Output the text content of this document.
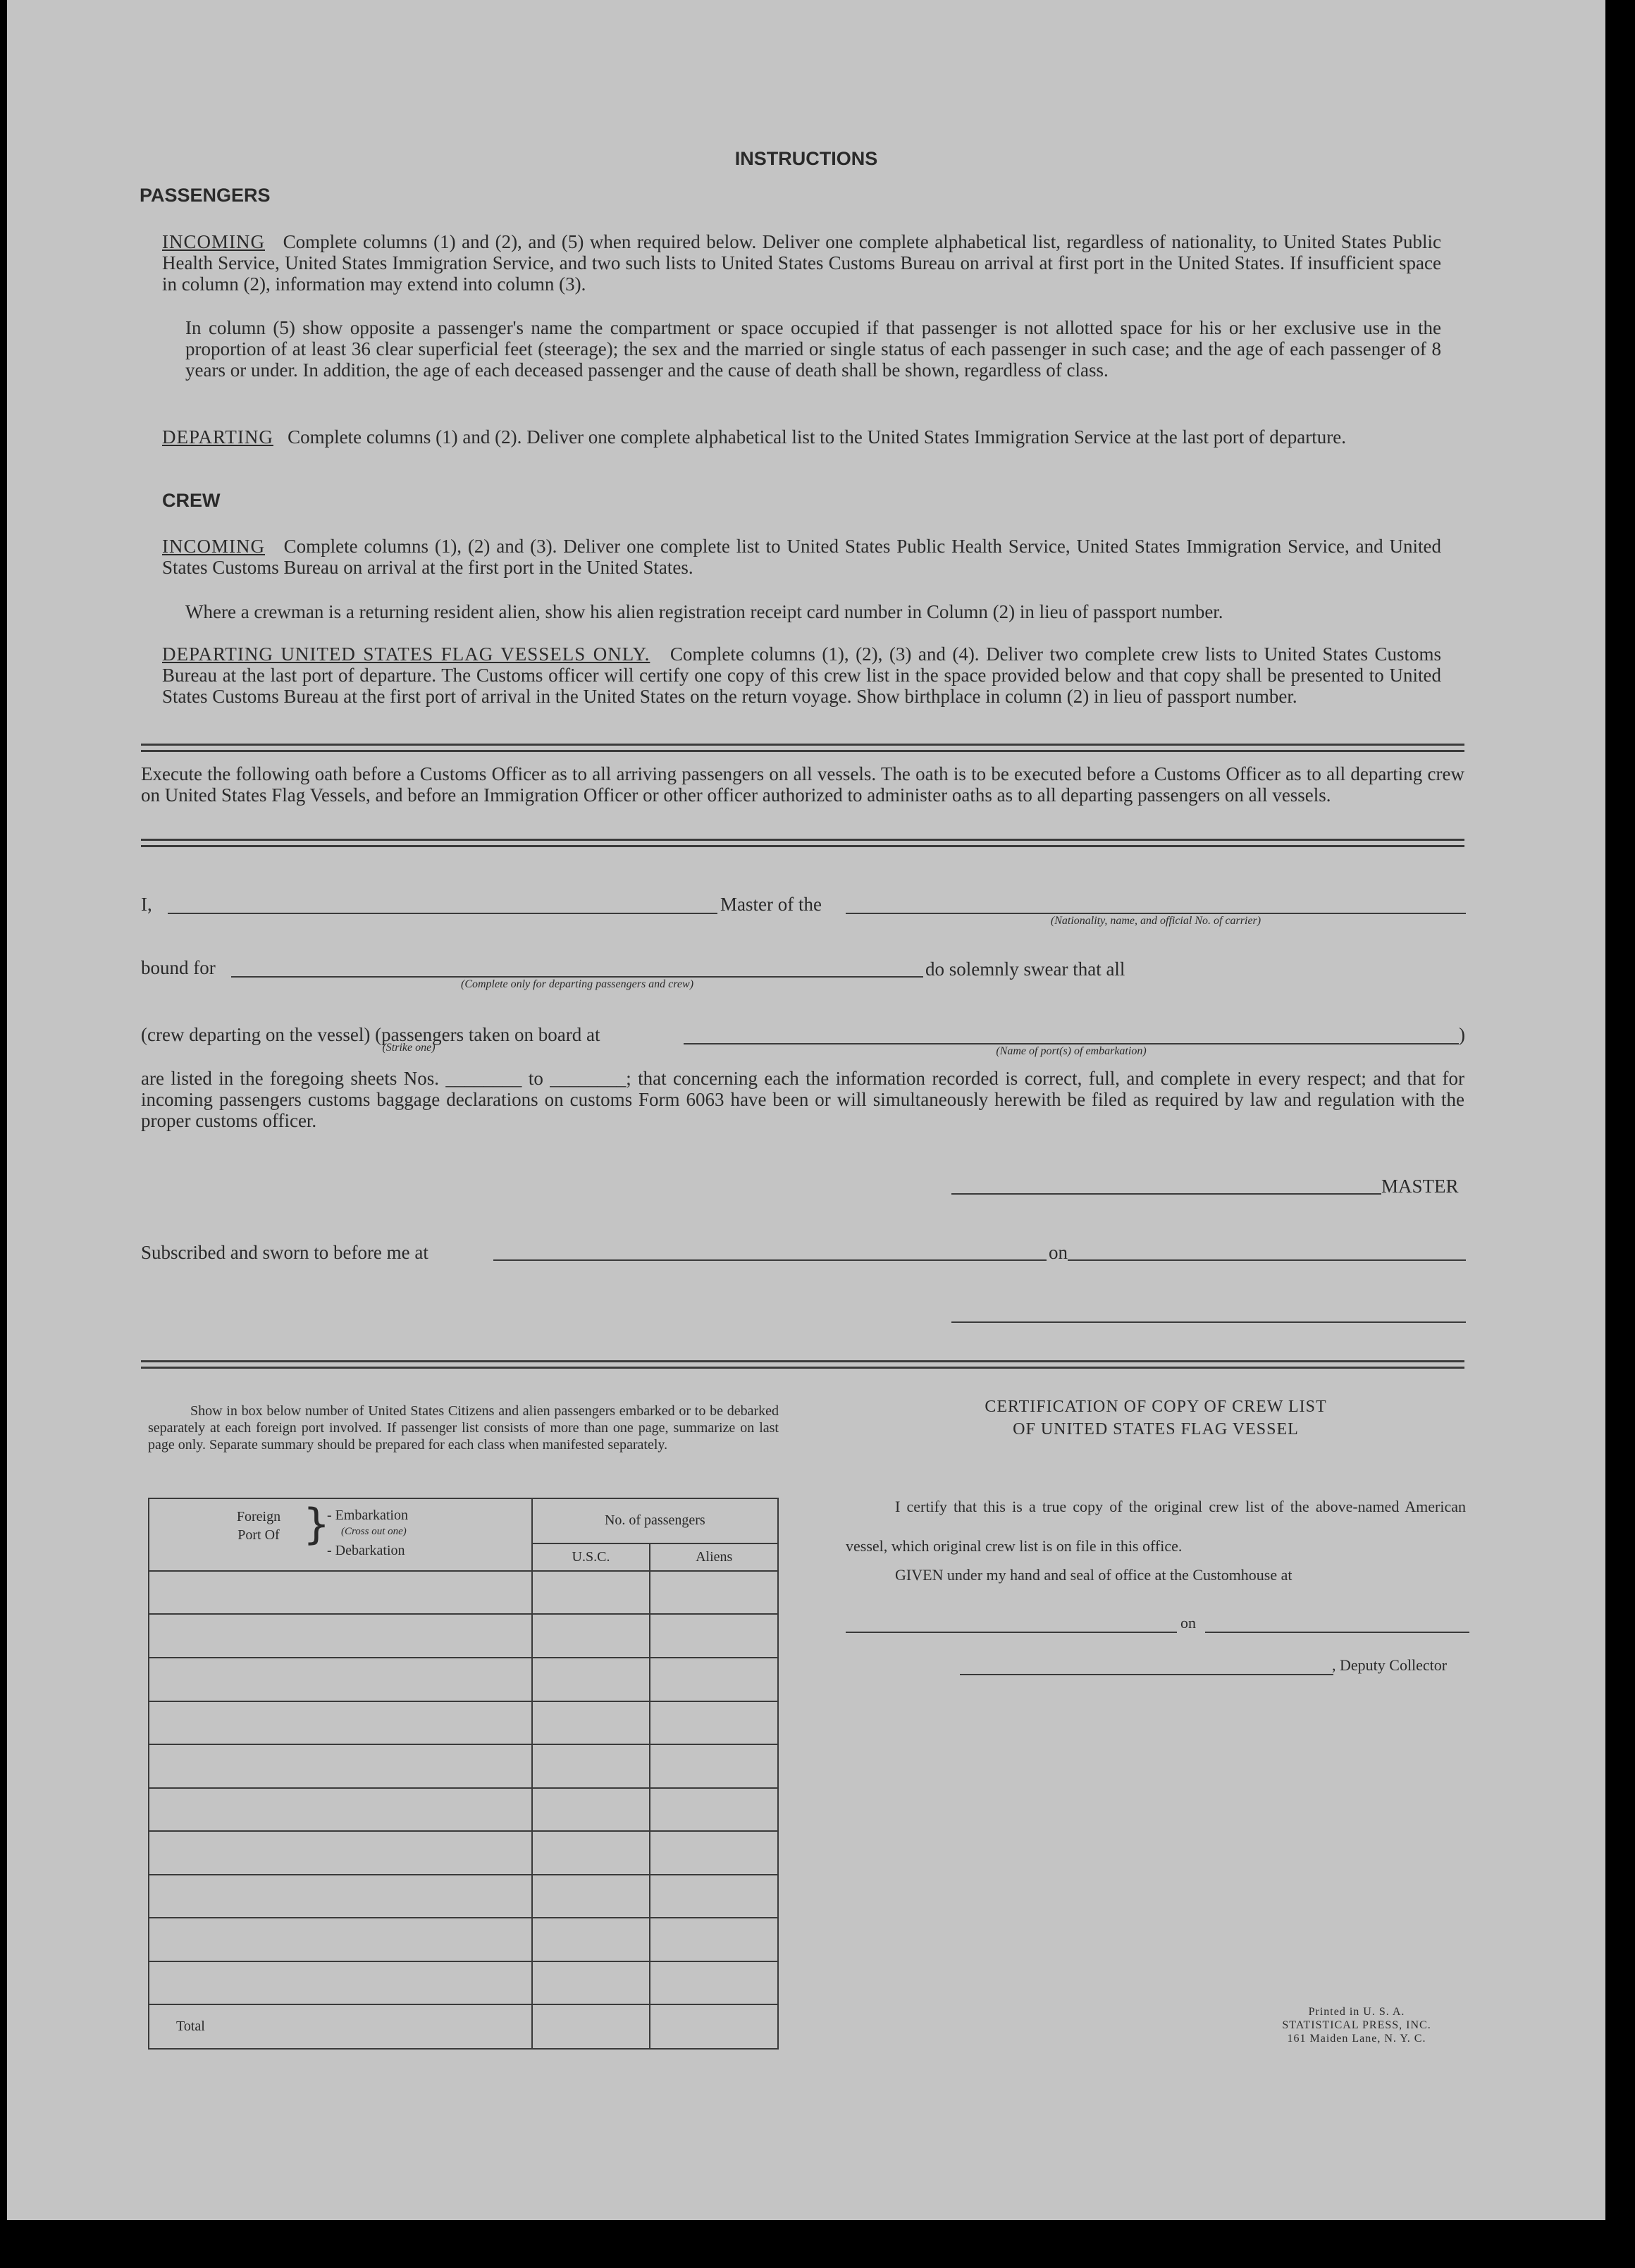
INSTRUCTIONS
PASSENGERS
INCOMING Complete columns (1) and (2), and (5) when required below. Deliver one complete alphabetical list, regardless of nationality, to United States Public Health Service, United States Immigration Service, and two such lists to United States Customs Bureau on arrival at first port in the United States. If insufficient space in column (2), information may extend into column (3).
In column (5) show opposite a passenger's name the compartment or space occupied if that passenger is not allotted space for his or her exclusive use in the proportion of at least 36 clear superficial feet (steerage); the sex and the married or single status of each passenger in such case; and the age of each passenger of 8 years or under. In addition, the age of each deceased passenger and the cause of death shall be shown, regardless of class.
DEPARTING Complete columns (1) and (2). Deliver one complete alphabetical list to the United States Immigration Service at the last port of departure.
CREW
INCOMING Complete columns (1), (2) and (3). Deliver one complete list to United States Public Health Service, United States Immigration Service, and United States Customs Bureau on arrival at the first port in the United States.
Where a crewman is a returning resident alien, show his alien registration receipt card number in Column (2) in lieu of passport number.
DEPARTING UNITED STATES FLAG VESSELS ONLY. Complete columns (1), (2), (3) and (4). Deliver two complete crew lists to United States Customs Bureau at the last port of departure. The Customs officer will certify one copy of this crew list in the space provided below and that copy shall be presented to United States Customs Bureau at the first port of arrival in the United States on the return voyage. Show birthplace in column (2) in lieu of passport number.
Execute the following oath before a Customs Officer as to all arriving passengers on all vessels. The oath is to be executed before a Customs Officer as to all departing crew on United States Flag Vessels, and before an Immigration Officer or other officer authorized to administer oaths as to all departing passengers on all vessels.
I,	Master of the
(Nationality, name, and official No. of carrier)
bound for
(Complete only for departing passengers and crew)
do solemnly swear that all
(crew departing on the vessel) (passengers taken on board at
(Strike one)	(Name of port(s) of embarkation)
)
are listed in the foregoing sheets Nos. ________ to ________; that concerning each the information recorded is correct, full, and complete in every respect; and that for incoming passengers customs baggage declarations on customs Form 6063 have been or will simultaneously herewith be filed as required by law and regulation with the proper customs officer.
MASTER
Subscribed and sworn to before me at	on
Show in box below number of United States Citizens and alien passengers embarked or to be debarked separately at each foreign port involved. If passenger list consists of more than one page, summarize on last page only. Separate summary should be prepared for each class when manifested separately.
Foreign Port Of }
- Embarkation
(Cross out one)
- Debarkation	No. of passengers	
	U.S.C.	Aliens

Total		
CERTIFICATION OF COPY OF CREW LIST
OF UNITED STATES FLAG VESSEL
I certify that this is a true copy of the original crew list of the above-named American vessel, which original crew list is on file in this office.
GIVEN under my hand and seal of office at the Customhouse at
on
, Deputy Collector
Printed in U. S. A.
STATISTICAL PRESS, INC.
161 Maiden Lane, N. Y. C.
